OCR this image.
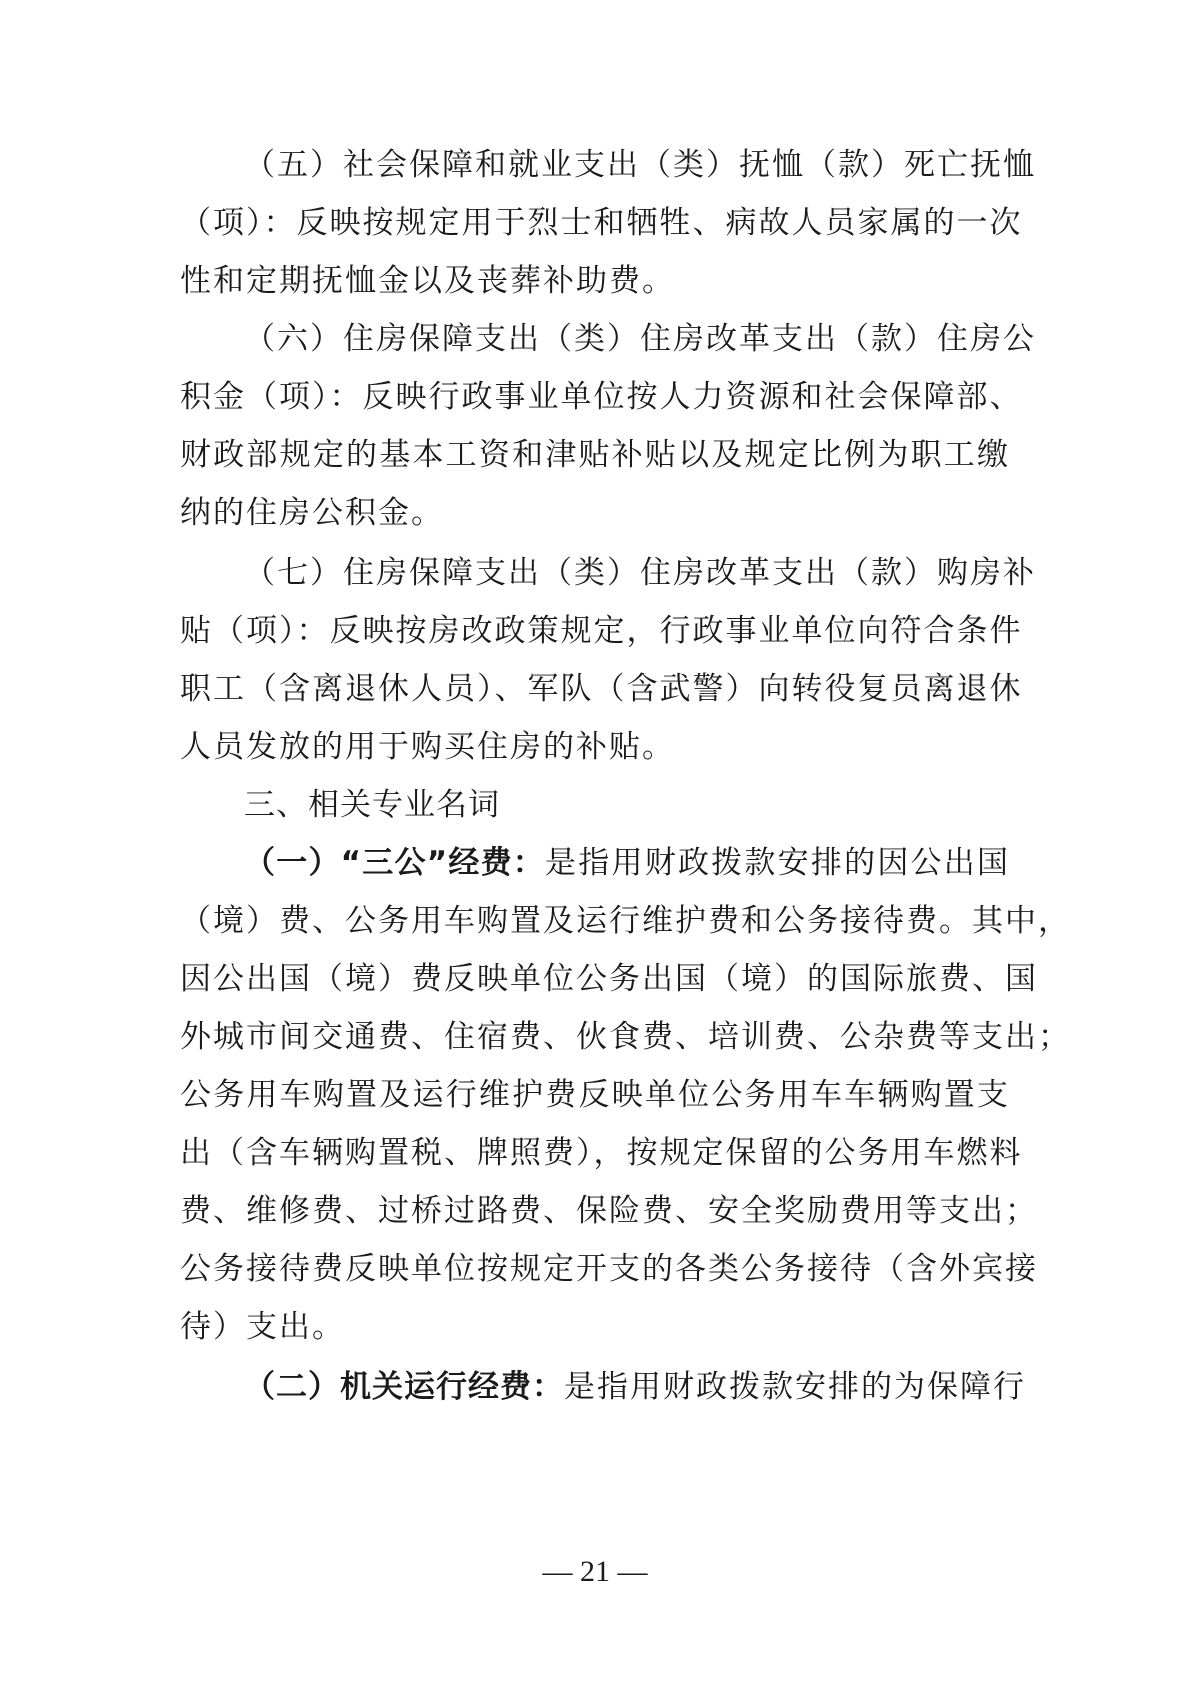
（五）社会保障和就业支出（类）抚恤（款）死亡抚恤
（项）：反映按规定用于烈士和牺牲、病故人员家属的一次
性和定期抚恤金以及丧葬补助费。
（六）住房保障支出（类）住房改革支出（款）住房公
积金（项）：反映行政事业单位按人力资源和社会保障部、
财政部规定的基本工资和津贴补贴以及规定比例为职工缴
纳的住房公积金。
（七）住房保障支出（类）住房改革支出（款）购房补
贴（项）：反映按房改政策规定，行政事业单位向符合条件
职工（含离退休人员）、军队（含武警）向转役复员离退休
人员发放的用于购买住房的补贴。
三、相关专业名词
（一）“三公”经费：是指用财政拨款安排的因公出国
（境）费、公务用车购置及运行维护费和公务接待费。其中，
因公出国（境）费反映单位公务出国（境）的国际旅费、国
外城市间交通费、住宿费、伙食费、培训费、公杂费等支出；
公务用车购置及运行维护费反映单位公务用车车辆购置支
出（含车辆购置税、牌照费），按规定保留的公务用车燃料
费、维修费、过桥过路费、保险费、安全奖励费用等支出；
公务接待费反映单位按规定开支的各类公务接待（含外宾接
待）支出。
（二）机关运行经费：是指用财政拨款安排的为保障行
— 21 —
